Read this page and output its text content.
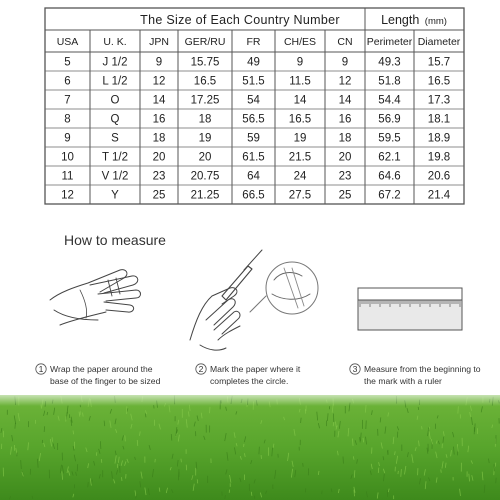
The Size of Each Country Number	Length (mm)
USA U. K. JPN GER/RU FR CH/ES CN Perimeter Diameter
5	J 1/2 9 15.75 49	9	9	49.3 15.7
6	L 1/2 12 16.5 51.5 11.5 12 51.8 16.5
7	O	14 17.25 54	14	14 54.4 17.3
8	Q	16	18	56.5 16.5 16 56.9 18.1
9	S	18	19	59	19	18 59.5 18.9
10 T 1/2 20	20	61.5 21.5 20 62.1 19.8
11 V 1/2 23 20.75 64	24	23 64.6 20.6
12	Y	25 21.25 66.5 27.5 25 67.2 21.4
How to measure
1 Wrap the paper around the
base of the finger to be sized
2 Mark the paper where it
completes the circle.
3 Measure from the beginning to
the mark with a ruler
